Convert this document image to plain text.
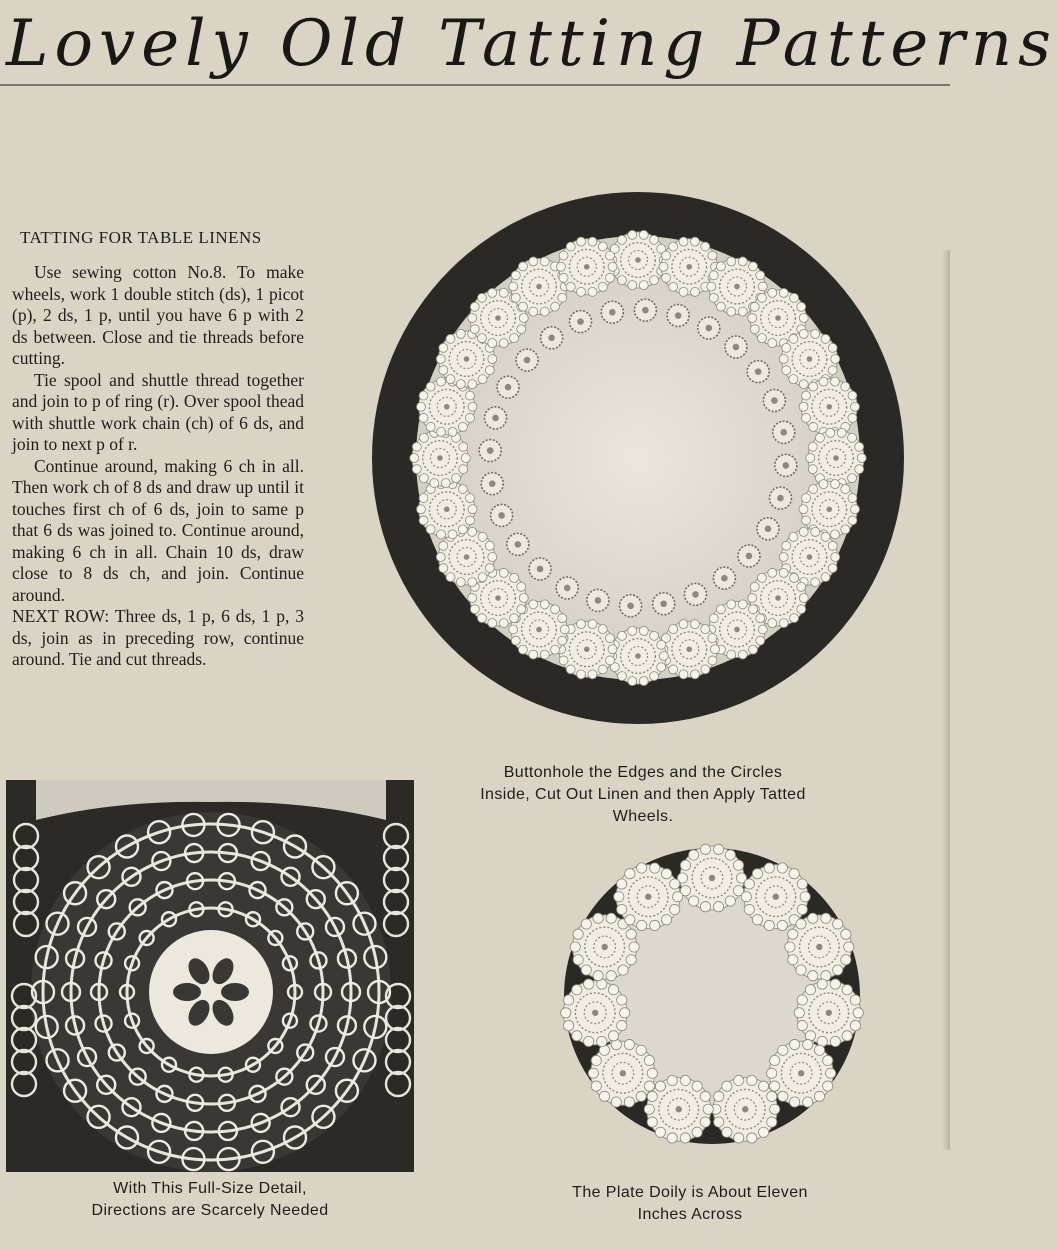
Lovely Old Tatting Patterns
TATTING FOR TABLE LINENS

Use sewing cotton No.8. To make wheels, work 1 double stitch (ds), 1 picot (p), 2 ds, 1 p, until you have 6 p with 2 ds between. Close and tie threads before cutting.

Tie spool and shuttle thread together and join to p of ring (r). Over spool thead with shuttle work chain (ch) of 6 ds, and join to next p of r.

Continue around, making 6 ch in all. Then work ch of 8 ds and draw up until it touches first ch of 6 ds, join to same p that 6 ds was joined to. Continue around, making 6 ch in all. Chain 10 ds, draw close to 8 ds ch, and join. Continue around.

NEXT ROW: Three ds, 1 p, 6 ds, 1 p, 3 ds, join as in preceding row, continue around. Tie and cut threads.

Buttonhole the Edges and the Circles Inside, Cut Out Linen and then Apply Tatted Wheels.
With This Full-Size Detail,
Directions are Scarcely Needed
The Plate Doily is About Eleven
Inches Across
